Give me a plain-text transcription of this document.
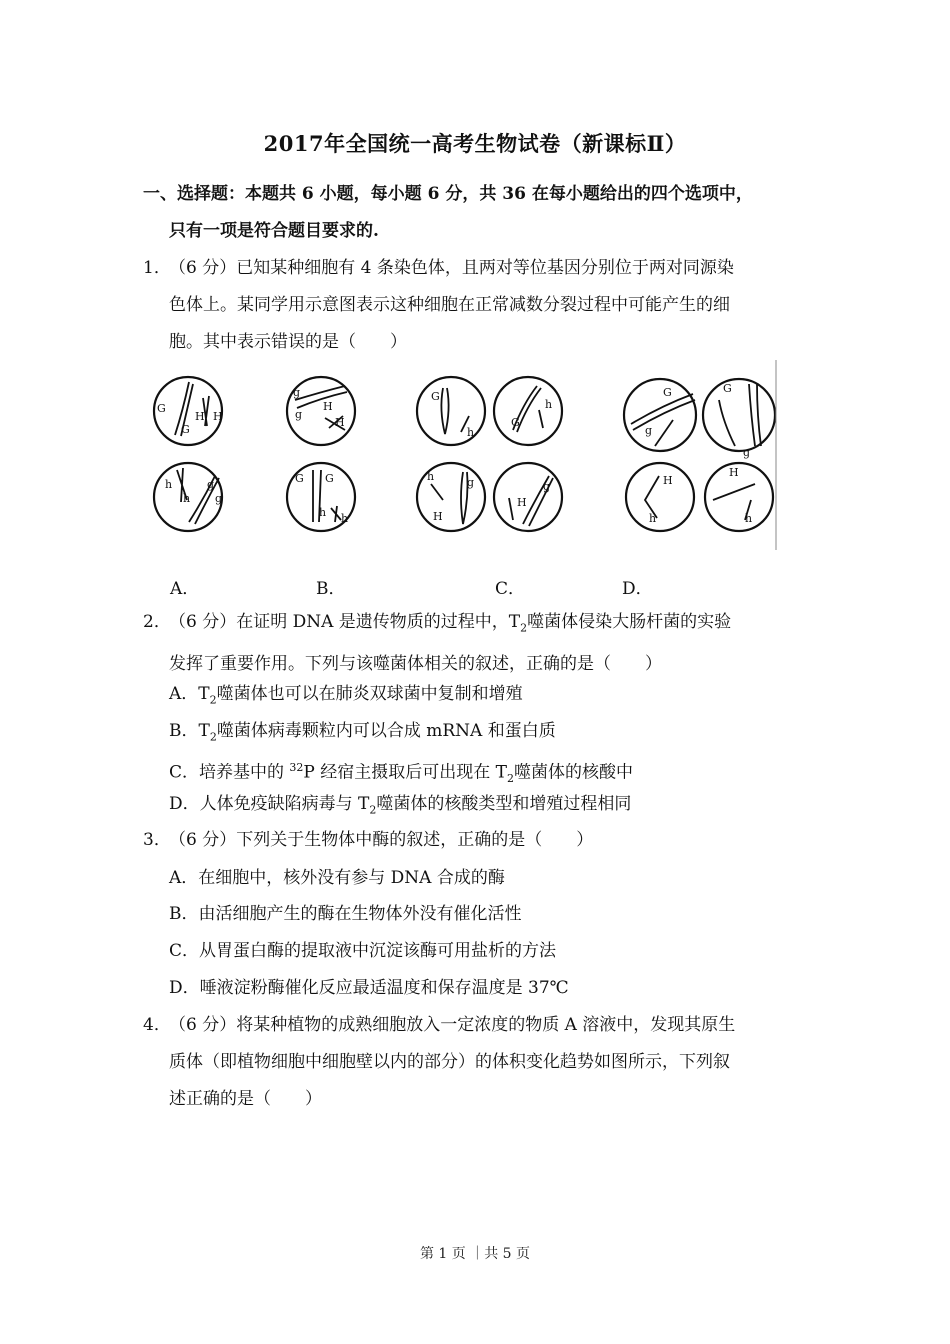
2017年全国统一高考生物试卷（新课标Ⅱ）
一、选择题：本题共 6 小题，每小题 6 分，共 36 在每小题给出的四个选项中，
只有一项是符合题目要求的.
1．（6 分）已知某种细胞有 4 条染色体，且两对等位基因分别位于两对同源染
色体上。某同学用示意图表示这种细胞在正常减数分裂过程中可能产生的细
胞。其中表示错误的是（　　）
G
G
H H
h
h
g
g
g
g
H
H
G G
h h
G
h
G
h
h
H
g
H
g
G
g
G
g
H
h
H
h
A．	B．	C．	D．
2．（6 分）在证明 DNA 是遗传物质的过程中，$T_2$噬菌体侵染大肠杆菌的实验
发挥了重要作用。下列与该噬菌体相关的叙述，正确的是（　　）
A．$T_2$噬菌体也可以在肺炎双球菌中复制和增殖
B．$T_2$噬菌体病毒颗粒内可以合成 mRNA 和蛋白质
C．培养基中的 $^{32}$P 经宿主摄取后可出现在 $T_2$噬菌体的核酸中
D．人体免疫缺陷病毒与 $T_2$噬菌体的核酸类型和增殖过程相同
3．（6 分）下列关于生物体中酶的叙述，正确的是（　　）
A．在细胞中，核外没有参与 DNA 合成的酶
B．由活细胞产生的酶在生物体外没有催化活性
C．从胃蛋白酶的提取液中沉淀该酶可用盐析的方法
D．唾液淀粉酶催化反应最适温度和保存温度是 37℃
4．（6 分）将某种植物的成熟细胞放入一定浓度的物质 A 溶液中，发现其原生
质体（即植物细胞中细胞壁以内的部分）的体积变化趋势如图所示，下列叙
述正确的是（　　）
第 1 页 ｜共 5 页
